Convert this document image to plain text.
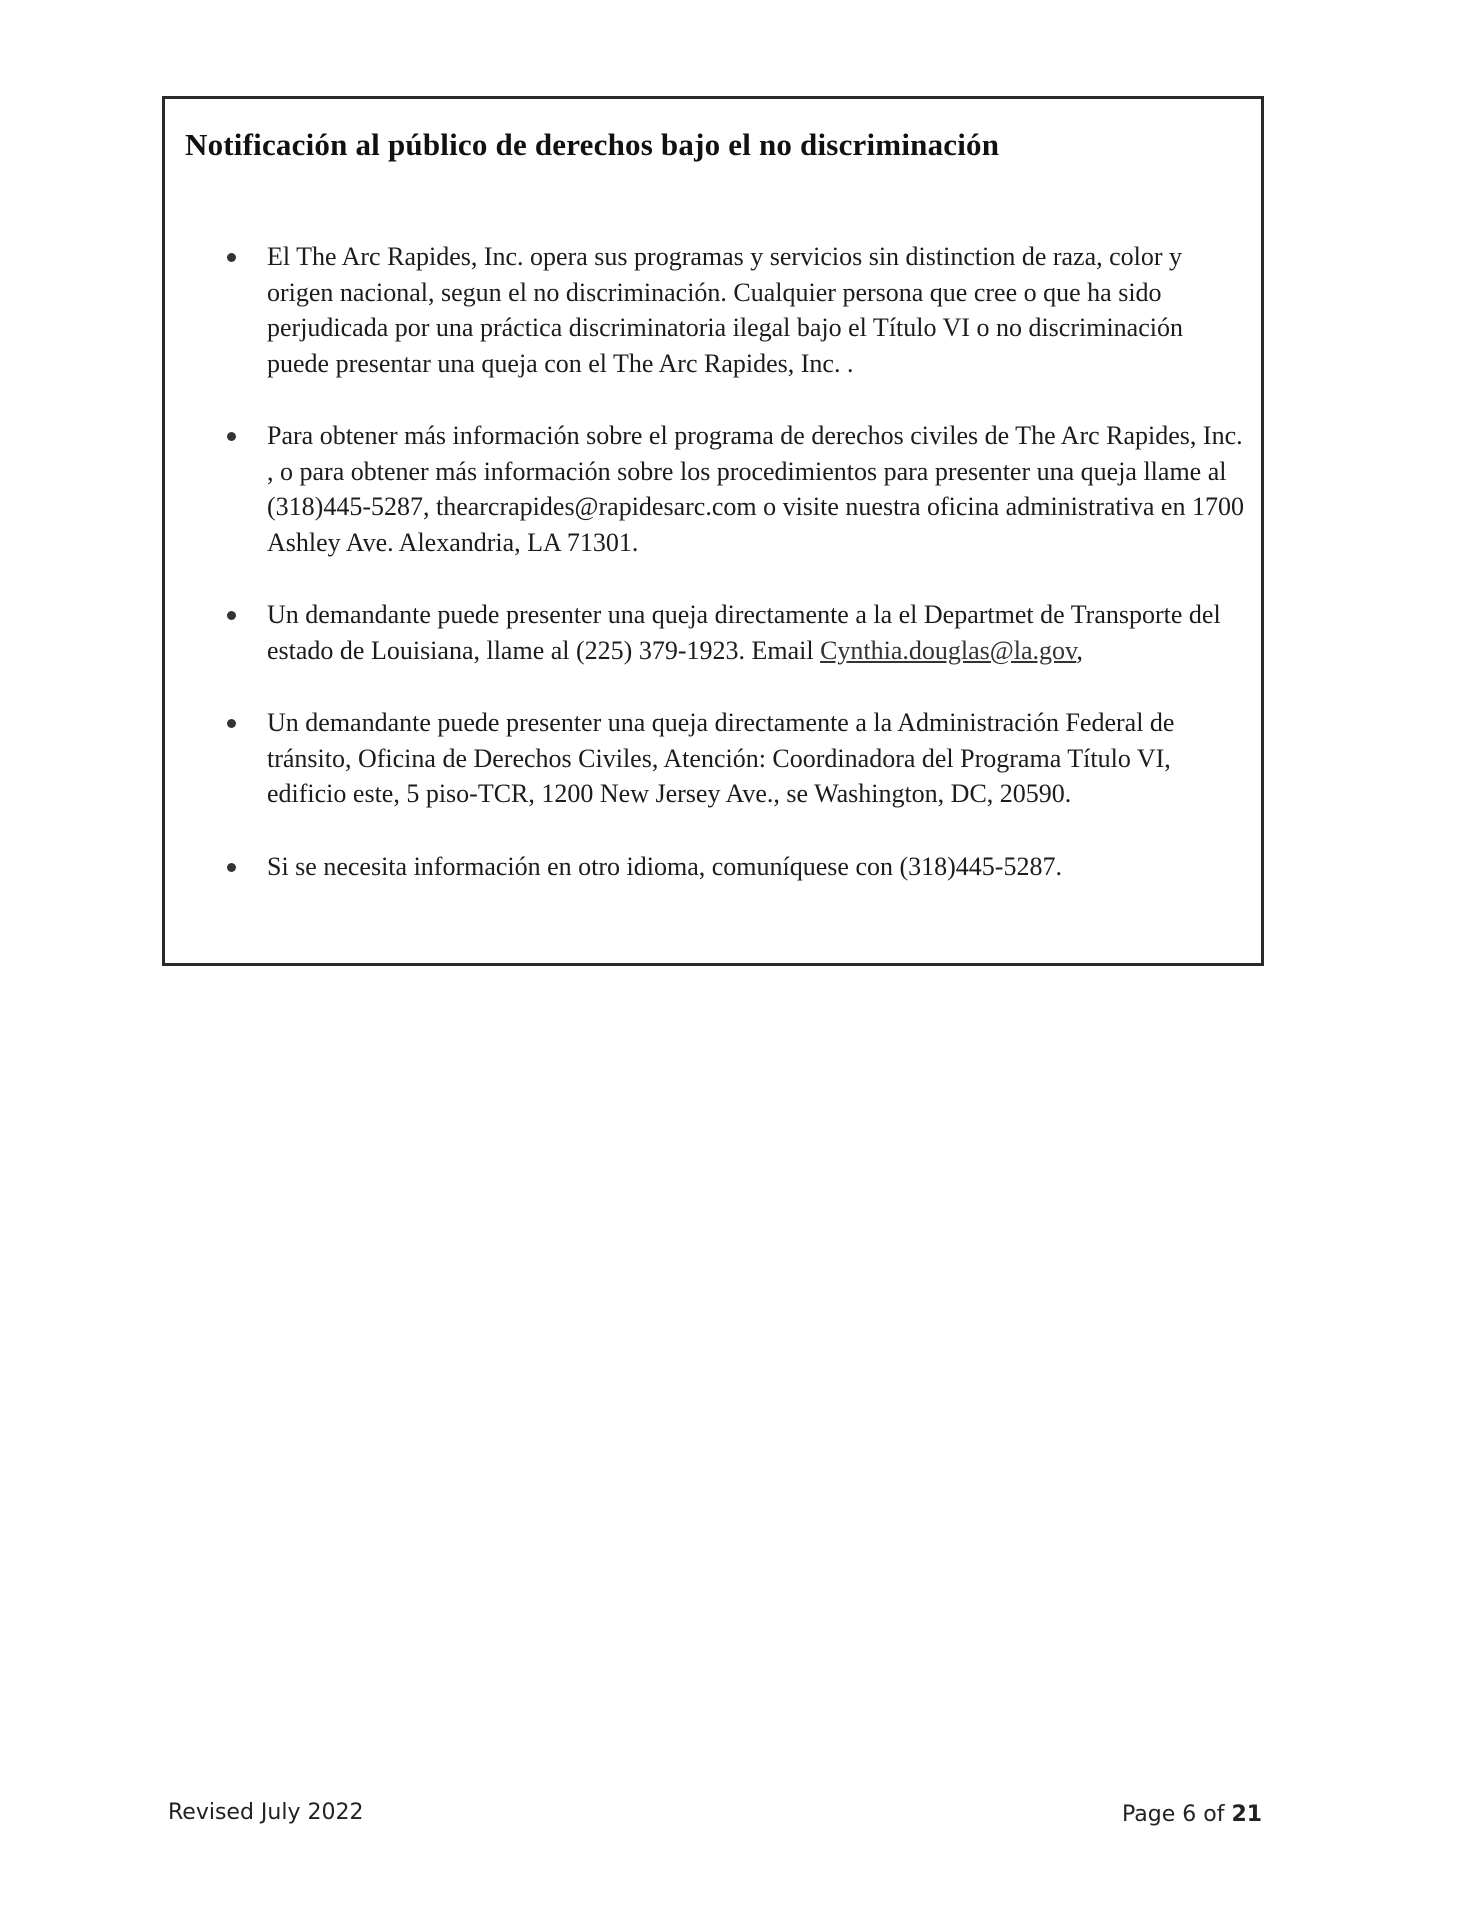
Notificación al público de derechos bajo el no discriminación
El The Arc Rapides, Inc. opera sus programas y servicios sin distinction de raza, color y origen nacional, segun el no discriminación. Cualquier persona que cree o que ha sido perjudicada por una práctica discriminatoria ilegal bajo el Título VI o no discriminación puede presentar una queja con el The Arc Rapides, Inc. .
Para obtener más información sobre el programa de derechos civiles de The Arc Rapides, Inc. , o para obtener más información sobre los procedimientos para presenter una queja llame al (318)445-5287, thearcrapides@rapidesarc.com o visite nuestra oficina administrativa en 1700 Ashley Ave. Alexandria, LA 71301.
Un demandante puede presenter una queja directamente a la el Departmet de Transporte del estado de Louisiana, llame al (225) 379-1923. Email Cynthia.douglas@la.gov,
Un demandante puede presenter una queja directamente a la Administración Federal de tránsito, Oficina de Derechos Civiles, Atención: Coordinadora del Programa Título VI, edificio este, 5 piso-TCR, 1200 New Jersey Ave., se Washington, DC, 20590.
Si se necesita información en otro idioma, comuníquese con (318)445-5287.
Revised July 2022	Page 6 of 21
